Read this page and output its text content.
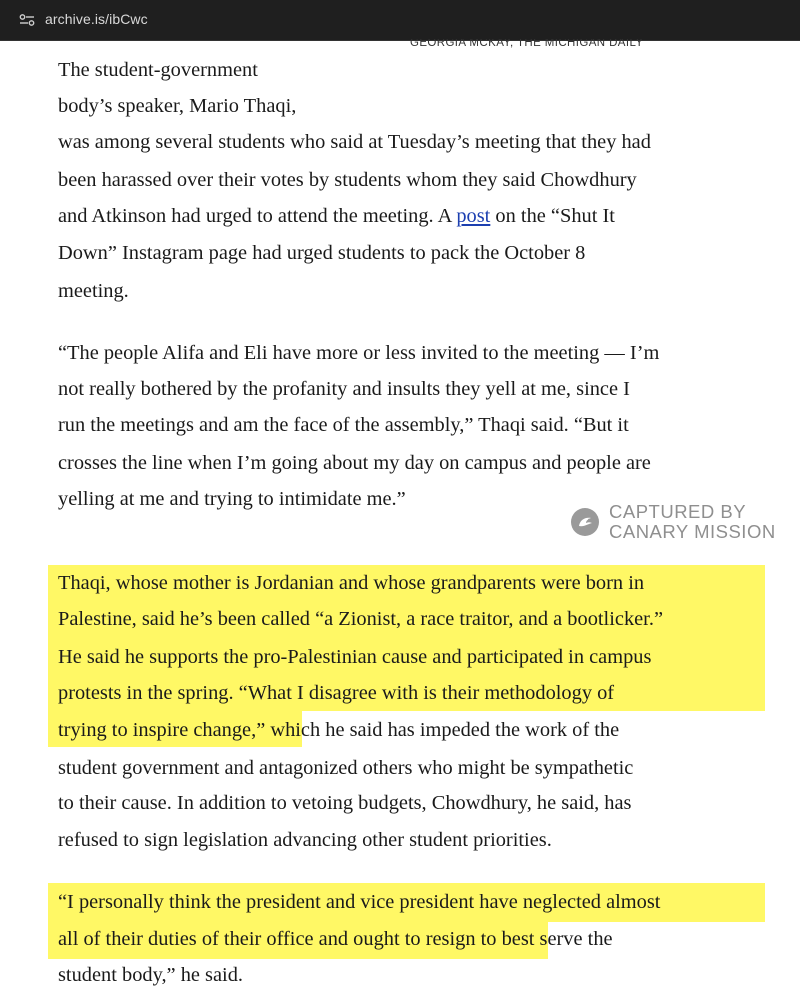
archive.is/ibCwc
GEORGIA MCKAY, THE MICHIGAN DAILY
The student-government
body’s speaker, Mario Thaqi,
was among several students who said at Tuesday’s meeting that they had
been harassed over their votes by students whom they said Chowdhury
and Atkinson had urged to attend the meeting. A post on the “Shut It
Down” Instagram page had urged students to pack the October 8
meeting.
“The people Alifa and Eli have more or less invited to the meeting — I’m
not really bothered by the profanity and insults they yell at me, since I
run the meetings and am the face of the assembly,” Thaqi said. “But it
crosses the line when I’m going about my day on campus and people are
yelling at me and trying to intimidate me.”
CAPTURED BY
CANARY MISSION
Thaqi, whose mother is Jordanian and whose grandparents were born in
Palestine, said he’s been called “a Zionist, a race traitor, and a bootlicker.”
He said he supports the pro-Palestinian cause and participated in campus
protests in the spring. “What I disagree with is their methodology of
trying to inspire change,” which he said has impeded the work of the
student government and antagonized others who might be sympathetic
to their cause. In addition to vetoing budgets, Chowdhury, he said, has
refused to sign legislation advancing other student priorities.
“I personally think the president and vice president have neglected almost
all of their duties of their office and ought to resign to best serve the
student body,” he said.
